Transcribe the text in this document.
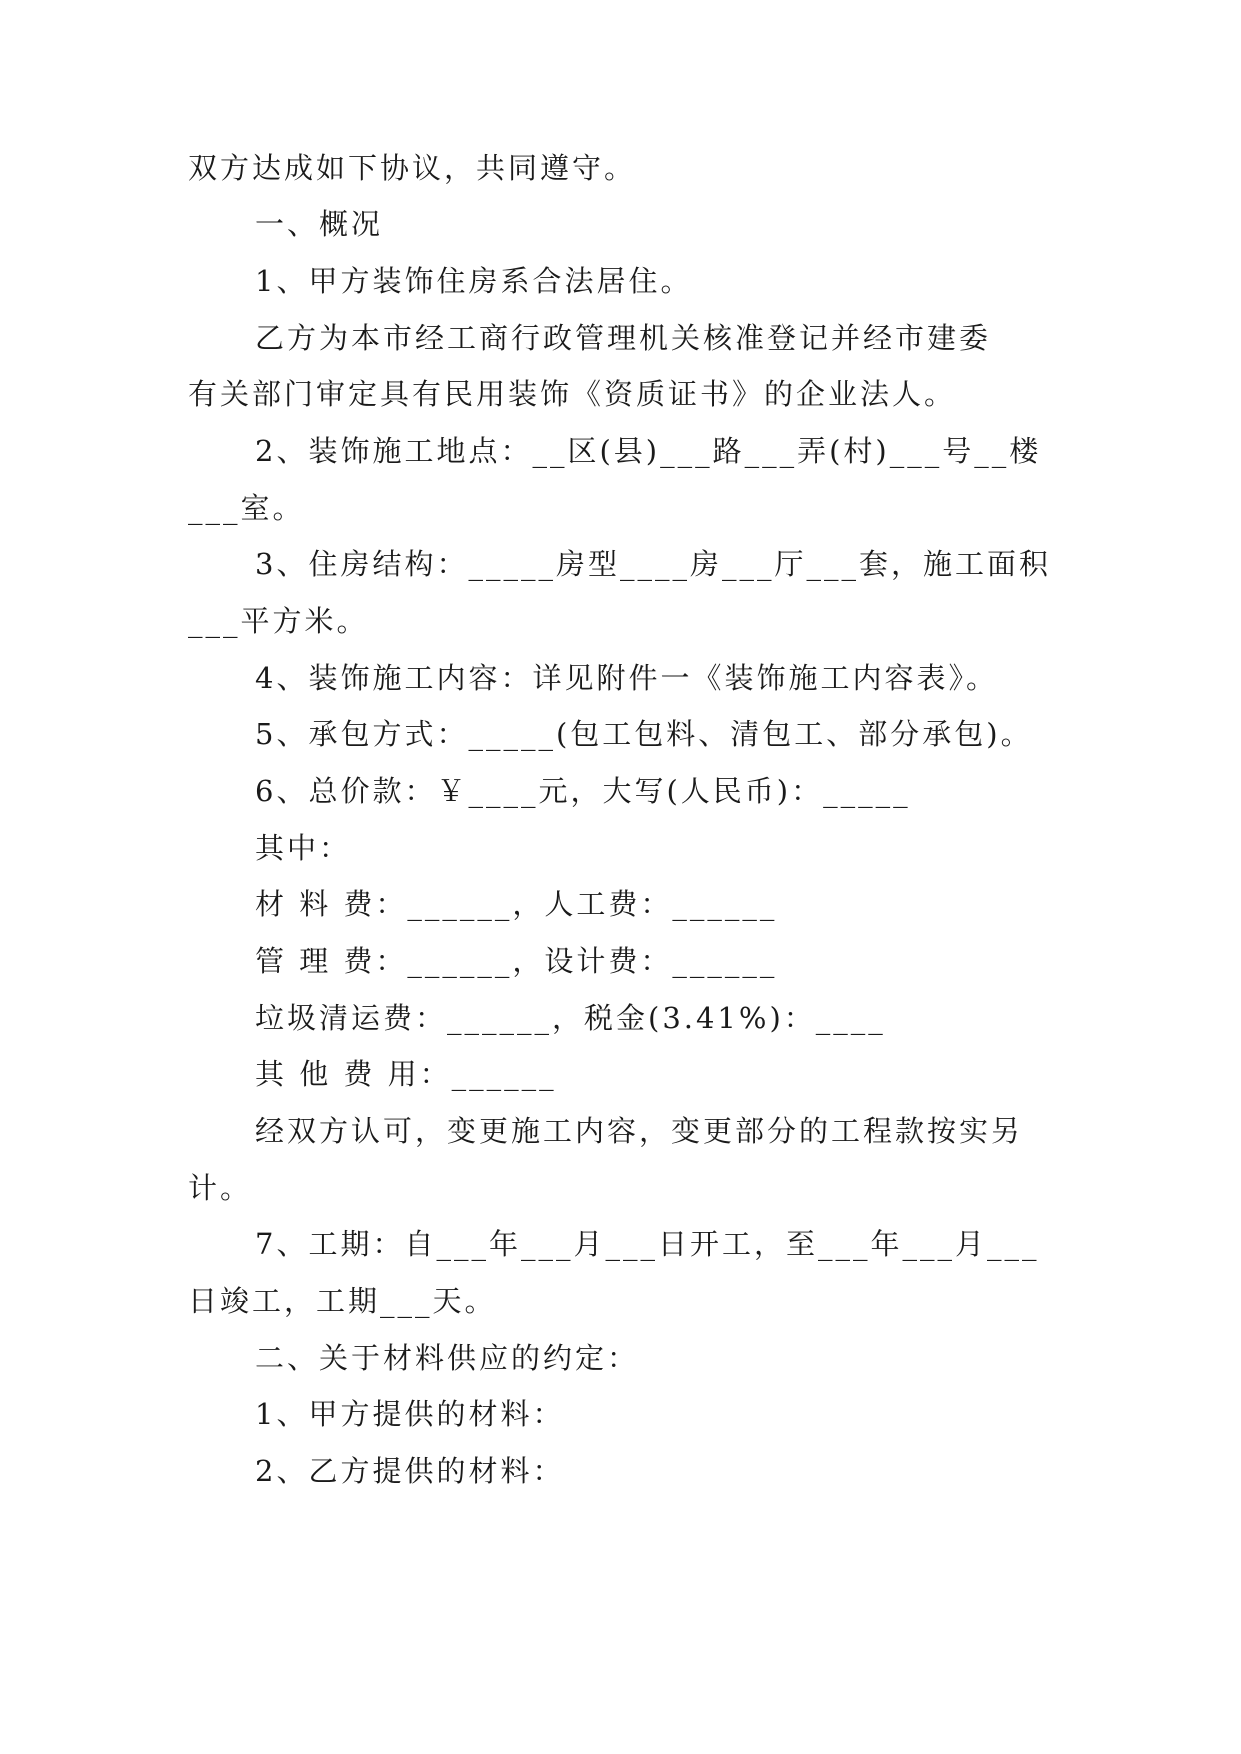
双方达成如下协议，共同遵守。
一、概况
1、甲方装饰住房系合法居住。
乙方为本市经工商行政管理机关核准登记并经市建委
有关部门审定具有民用装饰《资质证书》的企业法人。
2、装饰施工地点：__区(县)___路___弄(村)___号__楼
___室。
3、住房结构：_____房型____房___厅___套，施工面积
___平方米。
4、装饰施工内容：详见附件一《装饰施工内容表》。
5、承包方式：_____(包工包料、清包工、部分承包)。
6、总价款：￥____元，大写(人民币)：_____
其中：
材 料 费：______，人工费：______
管 理 费：______，设计费：______
垃圾清运费：______，税金(3.41%)：____
其 他 费 用：______
经双方认可，变更施工内容，变更部分的工程款按实另
计。
7、工期：自___年___月___日开工，至___年___月___
日竣工，工期___天。
二、关于材料供应的约定：
1、甲方提供的材料：
2、乙方提供的材料：
